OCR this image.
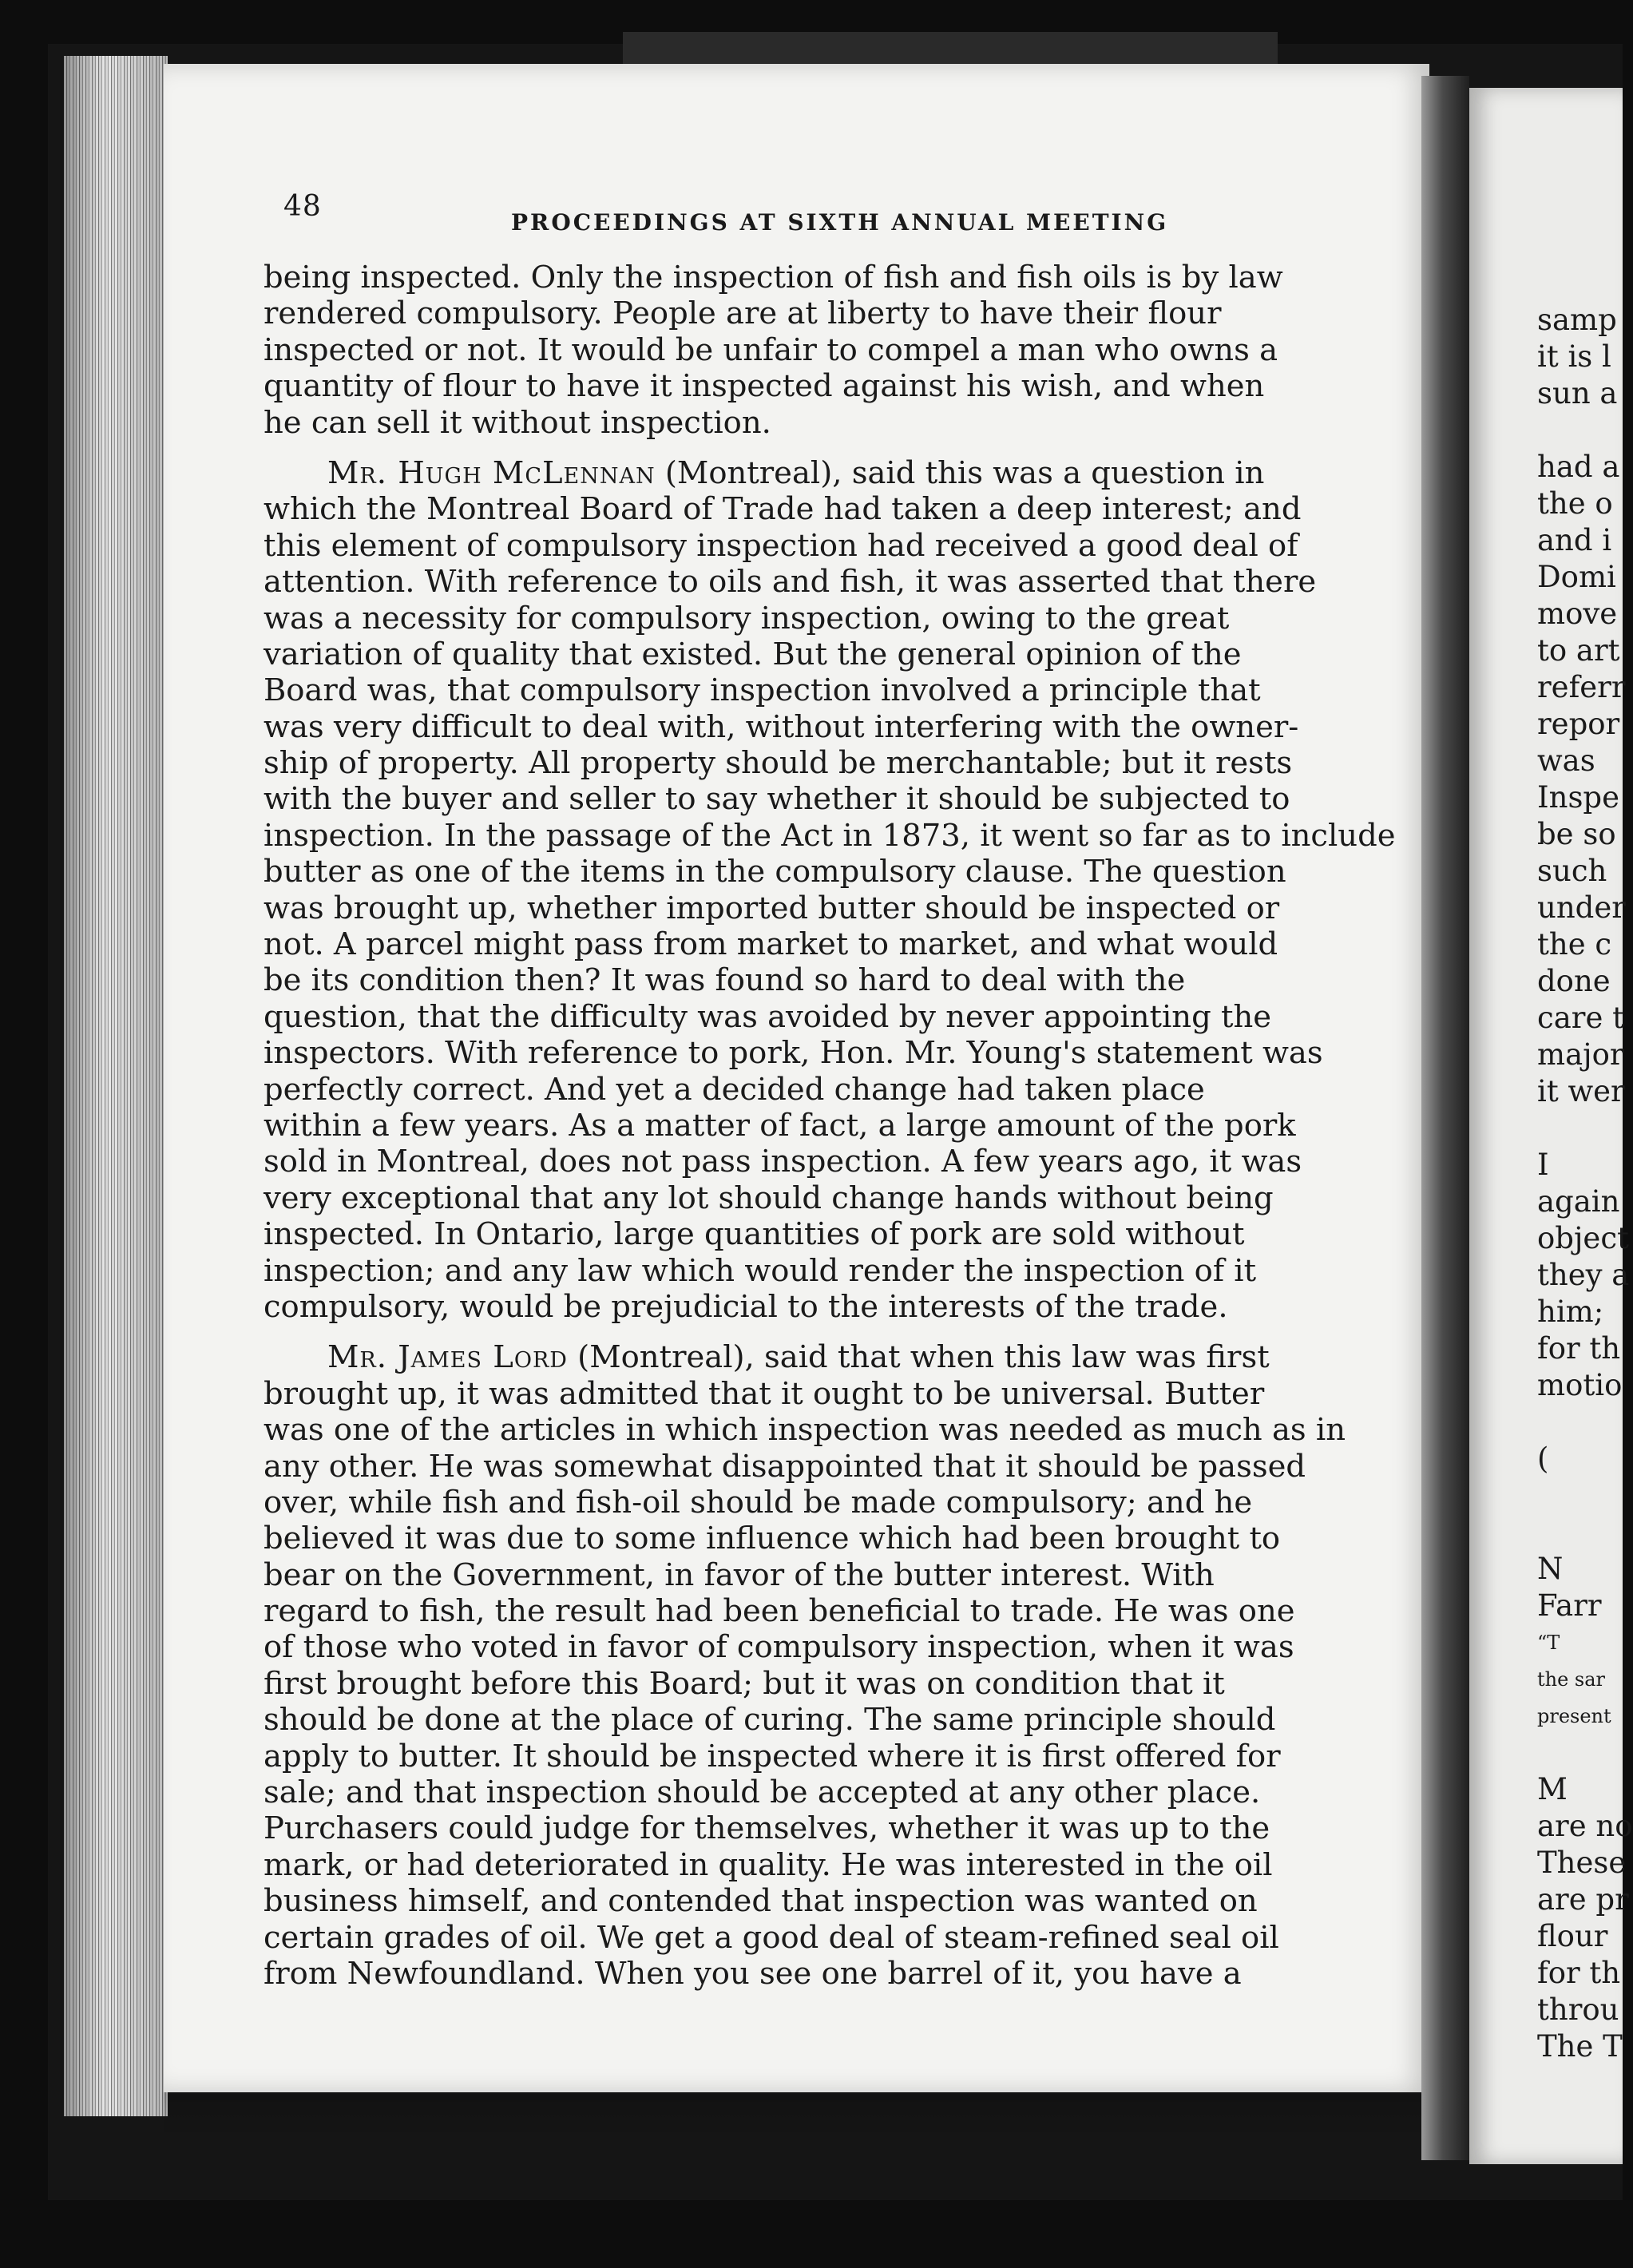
48	PROCEEDINGS AT SIXTH ANNUAL MEETING
being inspected. Only the inspection of fish and fish oils is by law
rendered compulsory. People are at liberty to have their flour
inspected or not. It would be unfair to compel a man who owns a
quantity of flour to have it inspected against his wish, and when
he can sell it without inspection.
Mr. Hugh McLennan (Montreal), said this was a question in
which the Montreal Board of Trade had taken a deep interest; and
this element of compulsory inspection had received a good deal of
attention. With reference to oils and fish, it was asserted that there
was a necessity for compulsory inspection, owing to the great
variation of quality that existed. But the general opinion of the
Board was, that compulsory inspection involved a principle that
was very difficult to deal with, without interfering with the owner-
ship of property. All property should be merchantable; but it rests
with the buyer and seller to say whether it should be subjected to
inspection. In the passage of the Act in 1873, it went so far as to include
butter as one of the items in the compulsory clause. The question
was brought up, whether imported butter should be inspected or
not. A parcel might pass from market to market, and what would
be its condition then? It was found so hard to deal with the
question, that the difficulty was avoided by never appointing the
inspectors. With reference to pork, Hon. Mr. Young's statement was
perfectly correct. And yet a decided change had taken place
within a few years. As a matter of fact, a large amount of the pork
sold in Montreal, does not pass inspection. A few years ago, it was
very exceptional that any lot should change hands without being
inspected. In Ontario, large quantities of pork are sold without
inspection; and any law which would render the inspection of it
compulsory, would be prejudicial to the interests of the trade.
Mr. James Lord (Montreal), said that when this law was first
brought up, it was admitted that it ought to be universal. Butter
was one of the articles in which inspection was needed as much as in
any other. He was somewhat disappointed that it should be passed
over, while fish and fish-oil should be made compulsory; and he
believed it was due to some influence which had been brought to
bear on the Government, in favor of the butter interest. With
regard to fish, the result had been beneficial to trade. He was one
of those who voted in favor of compulsory inspection, when it was
first brought before this Board; but it was on condition that it
should be done at the place of curing. The same principle should
apply to butter. It should be inspected where it is first offered for
sale; and that inspection should be accepted at any other place.
Purchasers could judge for themselves, whether it was up to the
mark, or had deteriorated in quality. He was interested in the oil
business himself, and contended that inspection was wanted on
certain grades of oil. We get a good deal of steam-refined seal oil
from Newfoundland. When you see one barrel of it, you have a
samp
it is l
sun a
had a
the o
and i
Domi
move
to art
referr
repor
was
Inspe
be so
such
under
the c
done
care t
major
it wer
I
again
object
they a
him;
for th
motio
(
N
Farr
“T
the sar
present
M
are no
These
are pr
flour
for th
throu
The T
